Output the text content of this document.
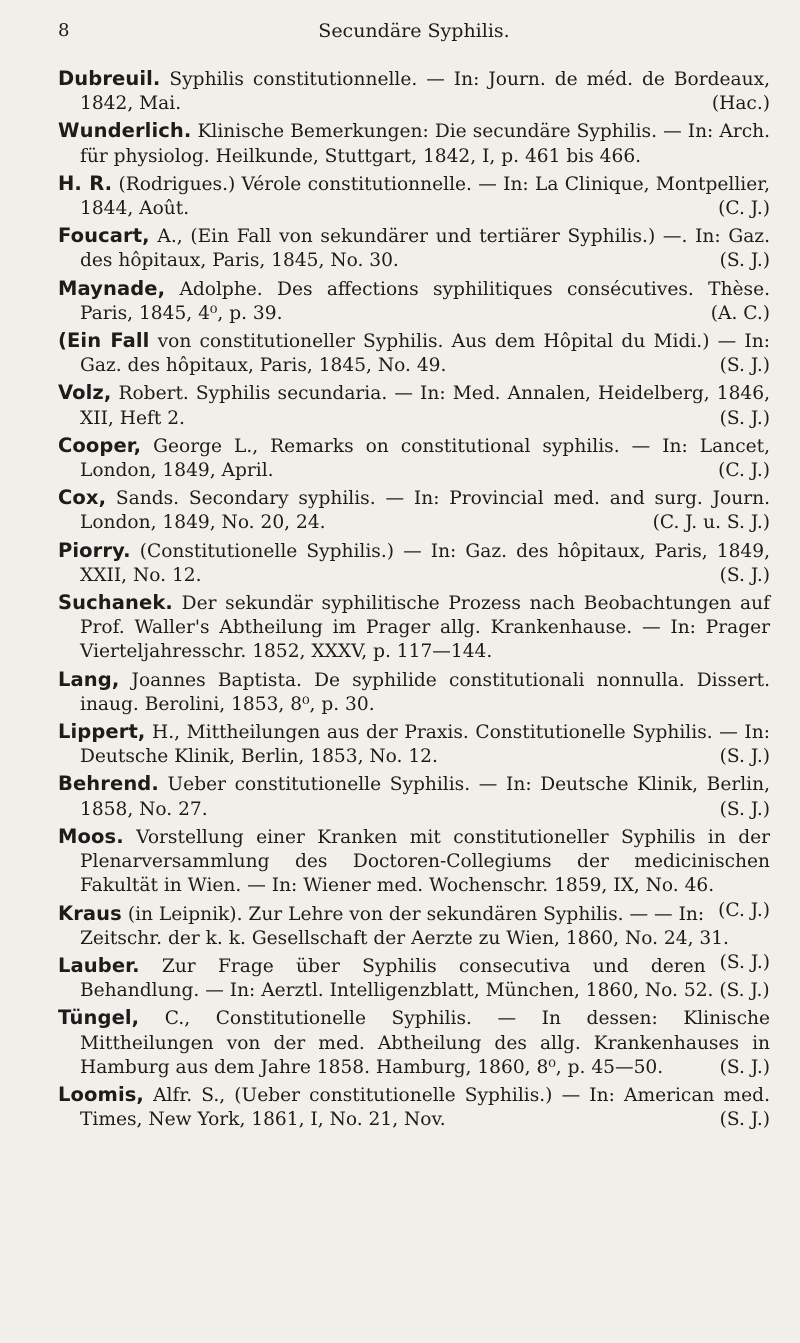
8	Secundäre Syphilis.

Dubreuil. Syphilis constitutionnelle. — In: Journ. de méd. de Bordeaux, 1842, Mai.	(Hac.)

Wunderlich. Klinische Bemerkungen: Die secundäre Syphilis. — In: Arch. für physiolog. Heilkunde, Stuttgart, 1842, I, p. 461 bis 466.

H. R. (Rodrigues.) Vérole constitutionnelle. — In: La Clinique, Montpellier, 1844, Août.	(C. J.)

Foucart, A., (Ein Fall von sekundärer und tertiärer Syphilis.) —. In: Gaz. des hôpitaux, Paris, 1845, No. 30.	(S. J.)

Maynade, Adolphe. Des affections syphilitiques consécutives. Thèse. Paris, 1845, 4⁰, p. 39.	(A. C.)

(Ein Fall von constitutioneller Syphilis. Aus dem Hôpital du Midi.) — In: Gaz. des hôpitaux, Paris, 1845, No. 49.	(S. J.)

Volz, Robert. Syphilis secundaria. — In: Med. Annalen, Heidelberg, 1846, XII, Heft 2.	(S. J.)

Cooper, George L., Remarks on constitutional syphilis. — In: Lancet, London, 1849, April.	(C. J.)

Cox, Sands. Secondary syphilis. — In: Provincial med. and surg. Journ. London, 1849, No. 20, 24.	(C. J. u. S. J.)

Piorry. (Constitutionelle Syphilis.) — In: Gaz. des hôpitaux, Paris, 1849, XXII, No. 12.	(S. J.)

Suchanek. Der sekundär syphilitische Prozess nach Beobachtungen auf Prof. Waller's Abtheilung im Prager allg. Krankenhause. — In: Prager Vierteljahresschr. 1852, XXXV, p. 117—144.

Lang, Joannes Baptista. De syphilide constitutionali nonnulla. Dissert. inaug. Berolini, 1853, 8⁰, p. 30.

Lippert, H., Mittheilungen aus der Praxis. Constitutionelle Syphilis. — In: Deutsche Klinik, Berlin, 1853, No. 12.	(S. J.)

Behrend. Ueber constitutionelle Syphilis. — In: Deutsche Klinik, Berlin, 1858, No. 27.	(S. J.)

Moos. Vorstellung einer Kranken mit constitutioneller Syphilis in der Plenarversammlung des Doctoren-Collegiums der medicinischen Fakultät in Wien. — In: Wiener med. Wochenschr. 1859, IX, No. 46.
(C. J.)

Kraus (in Leipnik). Zur Lehre von der sekundären Syphilis. — — In: Zeitschr. der k. k. Gesellschaft der Aerzte zu Wien, 1860, No. 24, 31.
(S. J.)

Lauber. Zur Frage über Syphilis consecutiva und deren Behandlung. — In: Aerztl. Intelligenzblatt, München, 1860, No. 52. (S. J.)

Tüngel, C., Constitutionelle Syphilis. — In dessen: Klinische Mittheilungen von der med. Abtheilung des allg. Krankenhauses in Hamburg aus dem Jahre 1858. Hamburg, 1860, 8⁰, p. 45—50.	(S. J.)

Loomis, Alfr. S., (Ueber constitutionelle Syphilis.) — In: American med. Times, New York, 1861, I, No. 21, Nov.	(S. J.)
